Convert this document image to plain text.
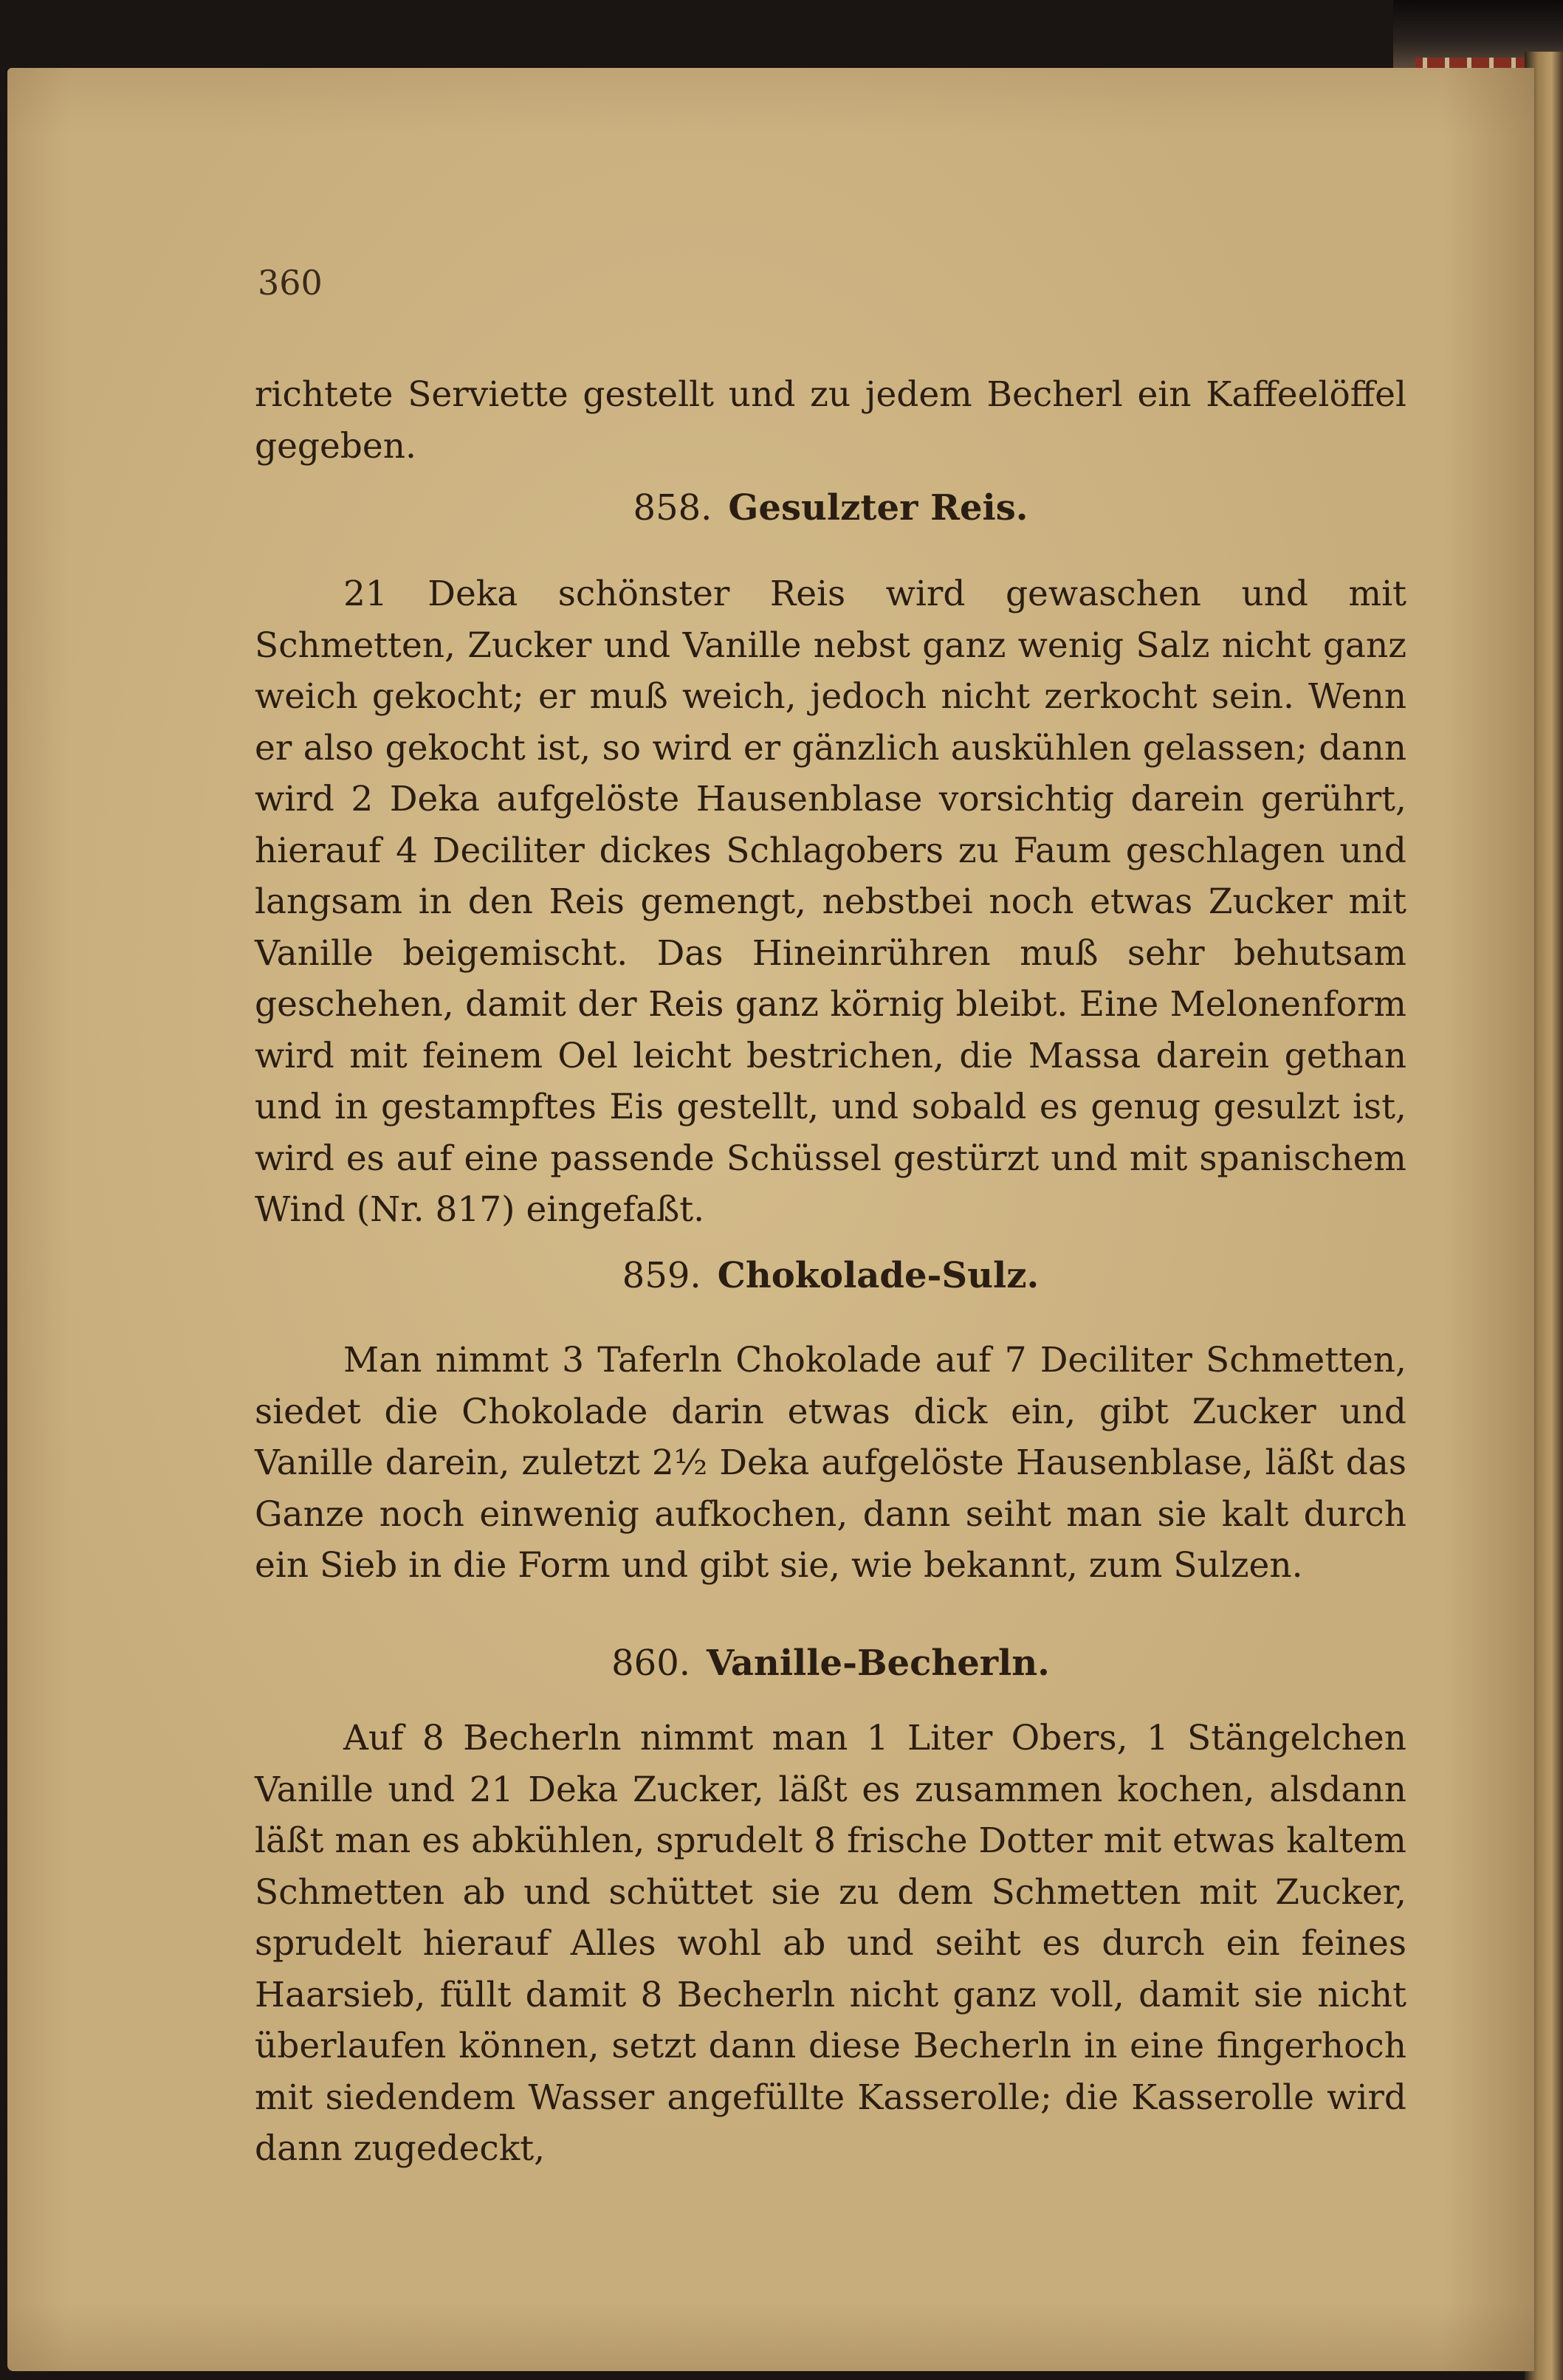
360
richtete Serviette gestellt und zu jedem Becherl ein Kaffeelöffel gegeben.
858. Gesulzter Reis.
21 Deka schönster Reis wird gewaschen und mit Schmetten, Zucker und Vanille nebst ganz wenig Salz nicht ganz weich gekocht; er muß weich, jedoch nicht zerkocht sein. Wenn er also gekocht ist, so wird er gänzlich auskühlen gelassen; dann wird 2 Deka aufgelöste Hausenblase vorsichtig darein gerührt, hierauf 4 Deciliter dickes Schlagobers zu Faum geschlagen und langsam in den Reis gemengt, nebstbei noch etwas Zucker mit Vanille beigemischt. Das Hineinrühren muß sehr behutsam geschehen, damit der Reis ganz körnig bleibt. Eine Melonenform wird mit feinem Oel leicht bestrichen, die Massa darein gethan und in gestampftes Eis gestellt, und sobald es genug gesulzt ist, wird es auf eine passende Schüssel gestürzt und mit spanischem Wind (Nr. 817) eingefaßt.
859. Chokolade-Sulz.
Man nimmt 3 Taferln Chokolade auf 7 Deciliter Schmetten, siedet die Chokolade darin etwas dick ein, gibt Zucker und Vanille darein, zuletzt 2½ Deka aufgelöste Hausenblase, läßt das Ganze noch einwenig aufkochen, dann seiht man sie kalt durch ein Sieb in die Form und gibt sie, wie bekannt, zum Sulzen.
860. Vanille-Becherln.
Auf 8 Becherln nimmt man 1 Liter Obers, 1 Stängelchen Vanille und 21 Deka Zucker, läßt es zusammen kochen, alsdann läßt man es abkühlen, sprudelt 8 frische Dotter mit etwas kaltem Schmetten ab und schüttet sie zu dem Schmetten mit Zucker, sprudelt hierauf Alles wohl ab und seiht es durch ein feines Haarsieb, füllt damit 8 Becherln nicht ganz voll, damit sie nicht überlaufen können, setzt dann diese Becherln in eine fingerhoch mit siedendem Wasser angefüllte Kasserolle; die Kasserolle wird dann zugedeckt,
